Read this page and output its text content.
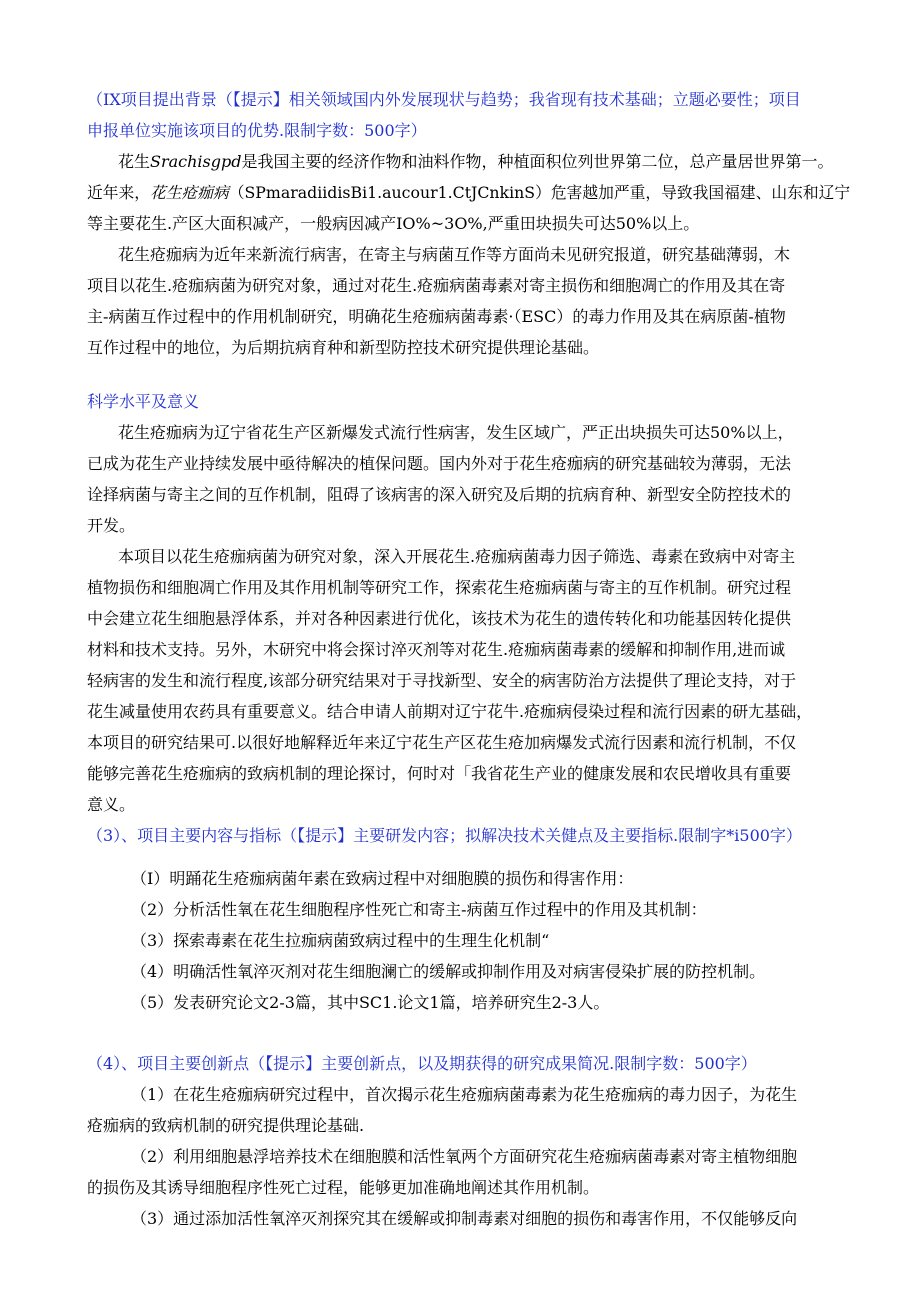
（IX项目提出背景（【提示】相关领域国内外发展现状与趋势；我省现有技术基础；立题必要性；项目

申报单位实施该项目的优势.限制字数：500字）

花生Srachisgpd是我国主要的经济作物和油料作物，种植面积位列世界第二位，总产量居世界第一。

近年来，花生疮痂病（SPmaradiidisBi1.aucour1.CtJCnkinS）危害越加严重，导致我国福建、山东和辽宁

等主要花生.产区大面积减产，一般病因减产IO%~3O%,严重田块损失可达50%以上。

花生疮痂病为近年来新流行病害，在寄主与病菌互作等方面尚未见研究报道，研究基础薄弱，木

项目以花生.疮痂病菌为研究对象，通过对花生.疮痂病菌毒素对寄主损伤和细胞凋亡的作用及其在寄

主-病菌互作过程中的作用机制研究，明确花生疮痂病菌毒素·（ESC）的毒力作用及其在病原菌-植物

互作过程中的地位，为后期抗病育种和新型防控技术研究提供理论基础。

科学水平及意义

花生疮痂病为辽宁省花生产区新爆发式流行性病害，发生区域广，严正出块损失可达50%以上，

已成为花生产业持续发展中亟待解决的植保问题。国内外对于花生疮痂病的研究基础较为薄弱，无法

诠择病菌与寄主之间的互作机制，阻碍了该病害的深入研究及后期的抗病育种、新型安全防控技术的

开发。

本项目以花生疮痂病菌为研究对象，深入开展花生.疮痂病菌毒力因子筛选、毒素在致病中对寄主

植物损伤和细胞凋亡作用及其作用机制等研究工作，探索花生疮痂病菌与寄主的互作机制。研究过程

中会建立花生细胞悬浮体系，并对各种因素进行优化，该技术为花生的遗传转化和功能基因转化提供

材料和技术支持。另外，木研究中将会探讨淬灭剂等对花生.疮痂病菌毒素的缓解和抑制作用,进而诚

轻病害的发生和流行程度,该部分研究结果对于寻找新型、安全的病害防治方法提供了理论支持，对于

花生减量使用农药具有重要意义。结合申请人前期对辽宁花牛.疮痂病侵染过程和流行因素的研尢基础，

本项目的研究结果可.以很好地解释近年来辽宁花生产区花生疮加病爆发式流行因素和流行机制，不仅

能够完善花生疮痂病的致病机制的理论探讨，何时对「我省花生产业的健康发展和农民增收具有重要

意义。

（3）、项目主要内容与指标（【提示】主要研发内容；拟解决技术关健点及主要指标.限制字*i500字）

（I）明踊花生疮痂病菌年素在致病过程中对细胞膜的损伤和得害作用：

（2）分析活性氧在花生细胞程序性死亡和寄主-病菌互作过程中的作用及其机制：

（3）探索毒素在花生拉痂病菌致病过程中的生理生化机制“

（4）明确活性氧淬灭剂对花生细胞澜亡的缓解或抑制作用及对病害侵染扩展的防控机制。

（5）发表研究论文2-3篇，其中SC1.论文1篇，培养研究生2-3人。

（4）、项目主要创新点（【提示】主要创新点，以及期获得的研究成果简况.限制字数：500字）

（1）在花生疮痂病研究过程中，首次揭示花生疮痂病菌毒素为花生疮痂病的毒力因子，为花生

疮痂病的致病机制的研究提供理论基础.

（2）利用细胞悬浮培养技术在细胞膜和活性氧两个方面研究花生疮痂病菌毒素对寄主植物细胞

的损伤及其诱导细胞程序性死亡过程，能够更加准确地阐述其作用机制。

（3）通过添加活性氧淬灭剂探究其在缓解或抑制毒素对细胞的损伤和毒害作用，不仅能够反向
